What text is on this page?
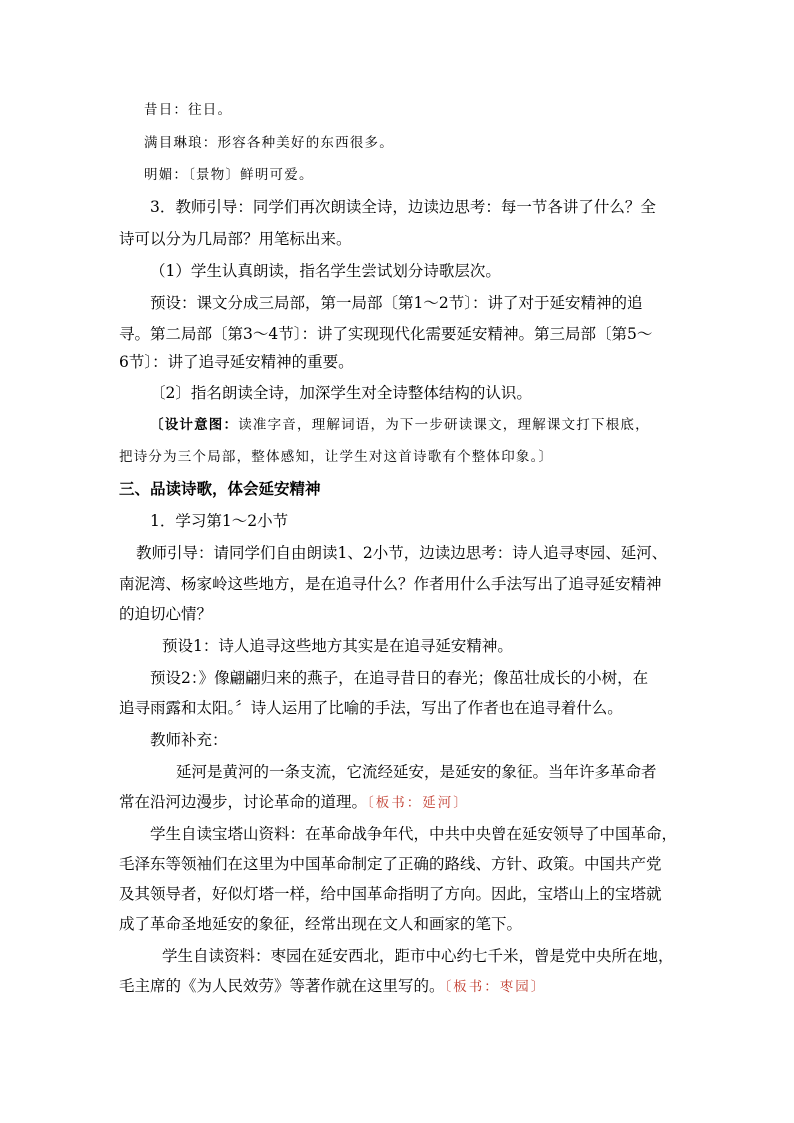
昔日：往日。
满目琳琅：形容各种美好的东西很多。
明媚：〔景物〕鲜明可爱。
3．教师引导：同学们再次朗读全诗，边读边思考：每一节各讲了什么？全
诗可以分为几局部？用笔标出来。
（1）学生认真朗读，指名学生尝试划分诗歌层次。
预设：课文分成三局部，第一局部〔第1～2节〕：讲了对于延安精神的追
寻。第二局部〔第3～4节〕：讲了实现现代化需要延安精神。第三局部〔第5～
6节〕：讲了追寻延安精神的重要。
〔2〕指名朗读全诗，加深学生对全诗整体结构的认识。
〔设计意图：读准字音，理解词语，为下一步研读课文，理解课文打下根底，
把诗分为三个局部，整体感知，让学生对这首诗歌有个整体印象。〕
三、品读诗歌，体会延安精神
1．学习第1～2小节
教师引导：请同学们自由朗读1、2小节，边读边思考：诗人追寻枣园、延河、
南泥湾、杨家岭这些地方，是在追寻什么？作者用什么手法写出了追寻延安精神
的迫切心情？
预设1：诗人追寻这些地方其实是在追寻延安精神。
预设2：》像翩翩归来的燕子，在追寻昔日的春光；像茁壮成长的小树，在
追寻雨露和太阳。〞诗人运用了比喻的手法，写出了作者也在追寻着什么。
教师补充：
延河是黄河的一条支流，它流经延安，是延安的象征。当年许多革命者
常在沿河边漫步，讨论革命的道理。〔板书：延河〕
学生自读宝塔山资料：在革命战争年代，中共中央曾在延安领导了中国革命，
毛泽东等领袖们在这里为中国革命制定了正确的路线、方针、政策。中国共产党
及其领导者，好似灯塔一样，给中国革命指明了方向。因此，宝塔山上的宝塔就
成了革命圣地延安的象征，经常出现在文人和画家的笔下。
学生自读资料：枣园在延安西北，距市中心约七千米，曾是党中央所在地，
毛主席的《为人民效劳》等著作就在这里写的。〔板书：枣园〕
